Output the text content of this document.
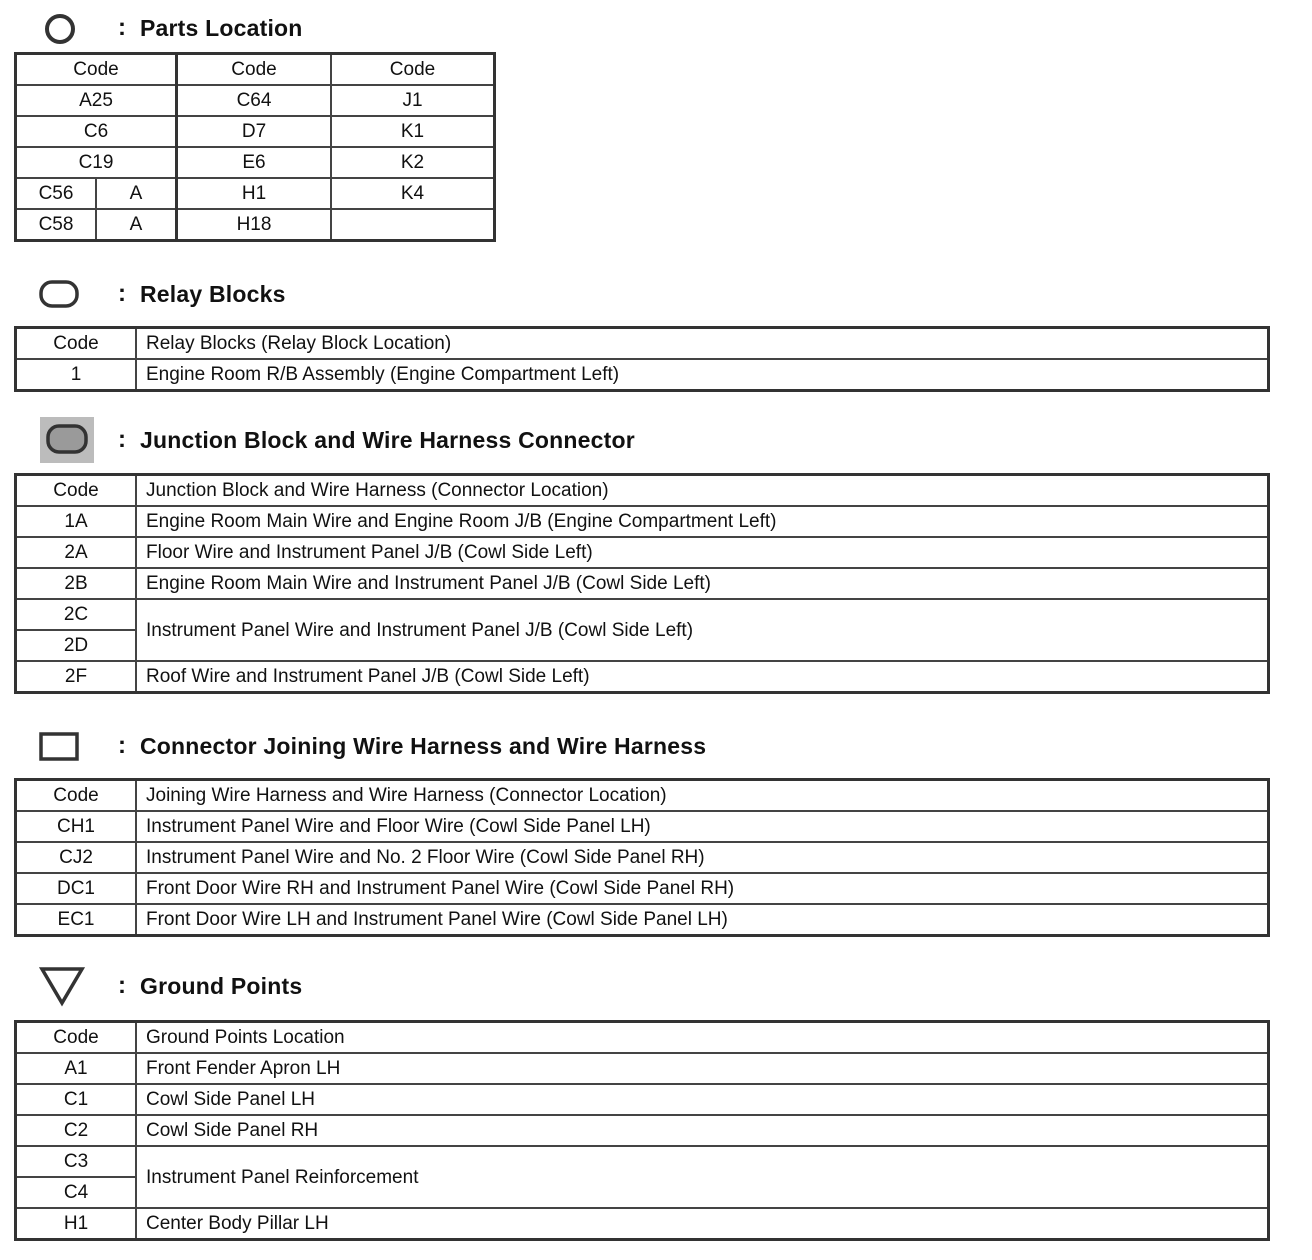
: Parts Location
Code		Code	Code
A25		C64	J1
C6		D7	K1
C19		E6	K2
C56	A	H1	K4
C58	A	H18	
: Relay Blocks
Code	Relay Blocks (Relay Block Location)
1	Engine Room R/B Assembly (Engine Compartment Left)
: Junction Block and Wire Harness Connector
Code	Junction Block and Wire Harness (Connector Location)
1A	Engine Room Main Wire and Engine Room J/B (Engine Compartment Left)
2A	Floor Wire and Instrument Panel J/B (Cowl Side Left)
2B	Engine Room Main Wire and Instrument Panel J/B (Cowl Side Left)
2C	Instrument Panel Wire and Instrument Panel J/B (Cowl Side Left)
2D	
2F	Roof Wire and Instrument Panel J/B (Cowl Side Left)
: Connector Joining Wire Harness and Wire Harness
Code	Joining Wire Harness and Wire Harness (Connector Location)
CH1	Instrument Panel Wire and Floor Wire (Cowl Side Panel LH)
CJ2	Instrument Panel Wire and No. 2 Floor Wire (Cowl Side Panel RH)
DC1	Front Door Wire RH and Instrument Panel Wire (Cowl Side Panel RH)
EC1	Front Door Wire LH and Instrument Panel Wire (Cowl Side Panel LH)
: Ground Points
Code	Ground Points Location
A1	Front Fender Apron LH
C1	Cowl Side Panel LH
C2	Cowl Side Panel RH
C3	Instrument Panel Reinforcement
C4	
H1	Center Body Pillar LH
